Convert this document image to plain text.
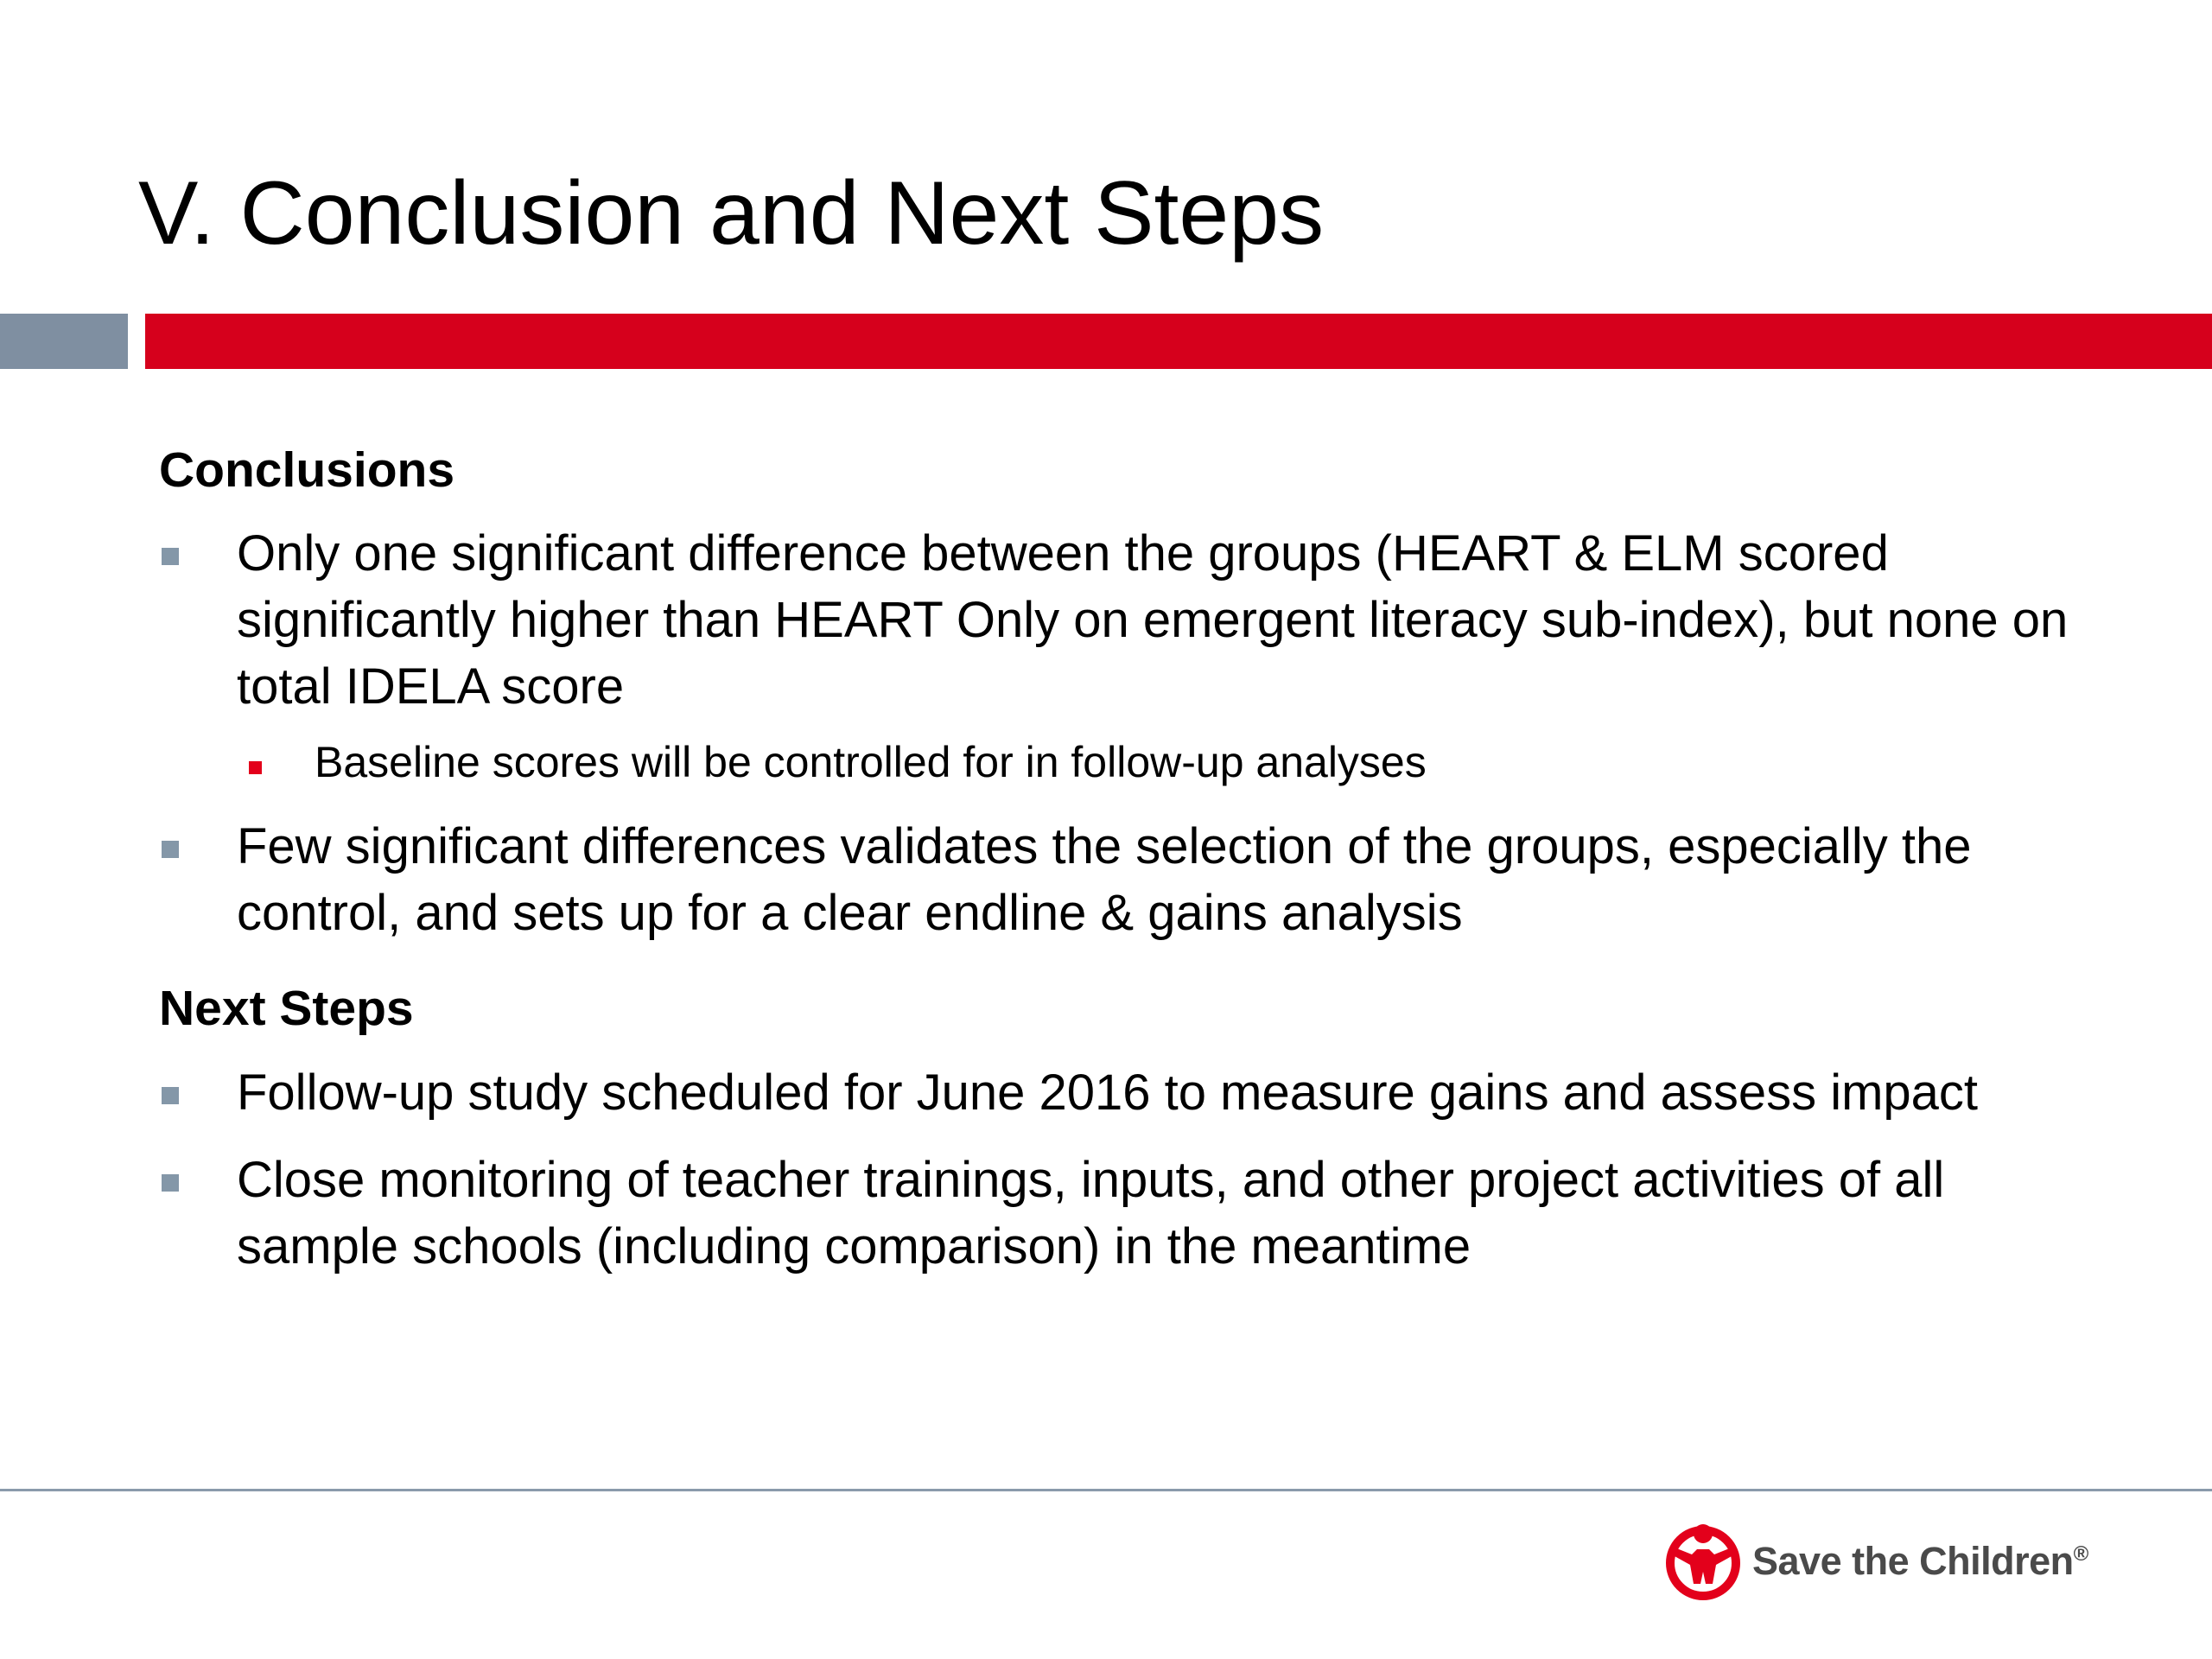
V. Conclusion and Next Steps
Conclusions
Only one significant difference between the groups (HEART & ELM scored significantly higher than HEART Only on emergent literacy sub-index), but none on total IDELA score
Baseline scores will be controlled for in follow-up analyses
Few significant differences validates the selection of the groups, especially the control, and sets up for a clear endline & gains analysis
Next Steps
Follow-up study scheduled for June 2016 to measure gains and assess impact
Close monitoring of teacher trainings, inputs, and other project activities of all sample schools (including comparison) in the meantime
Save the Children®
